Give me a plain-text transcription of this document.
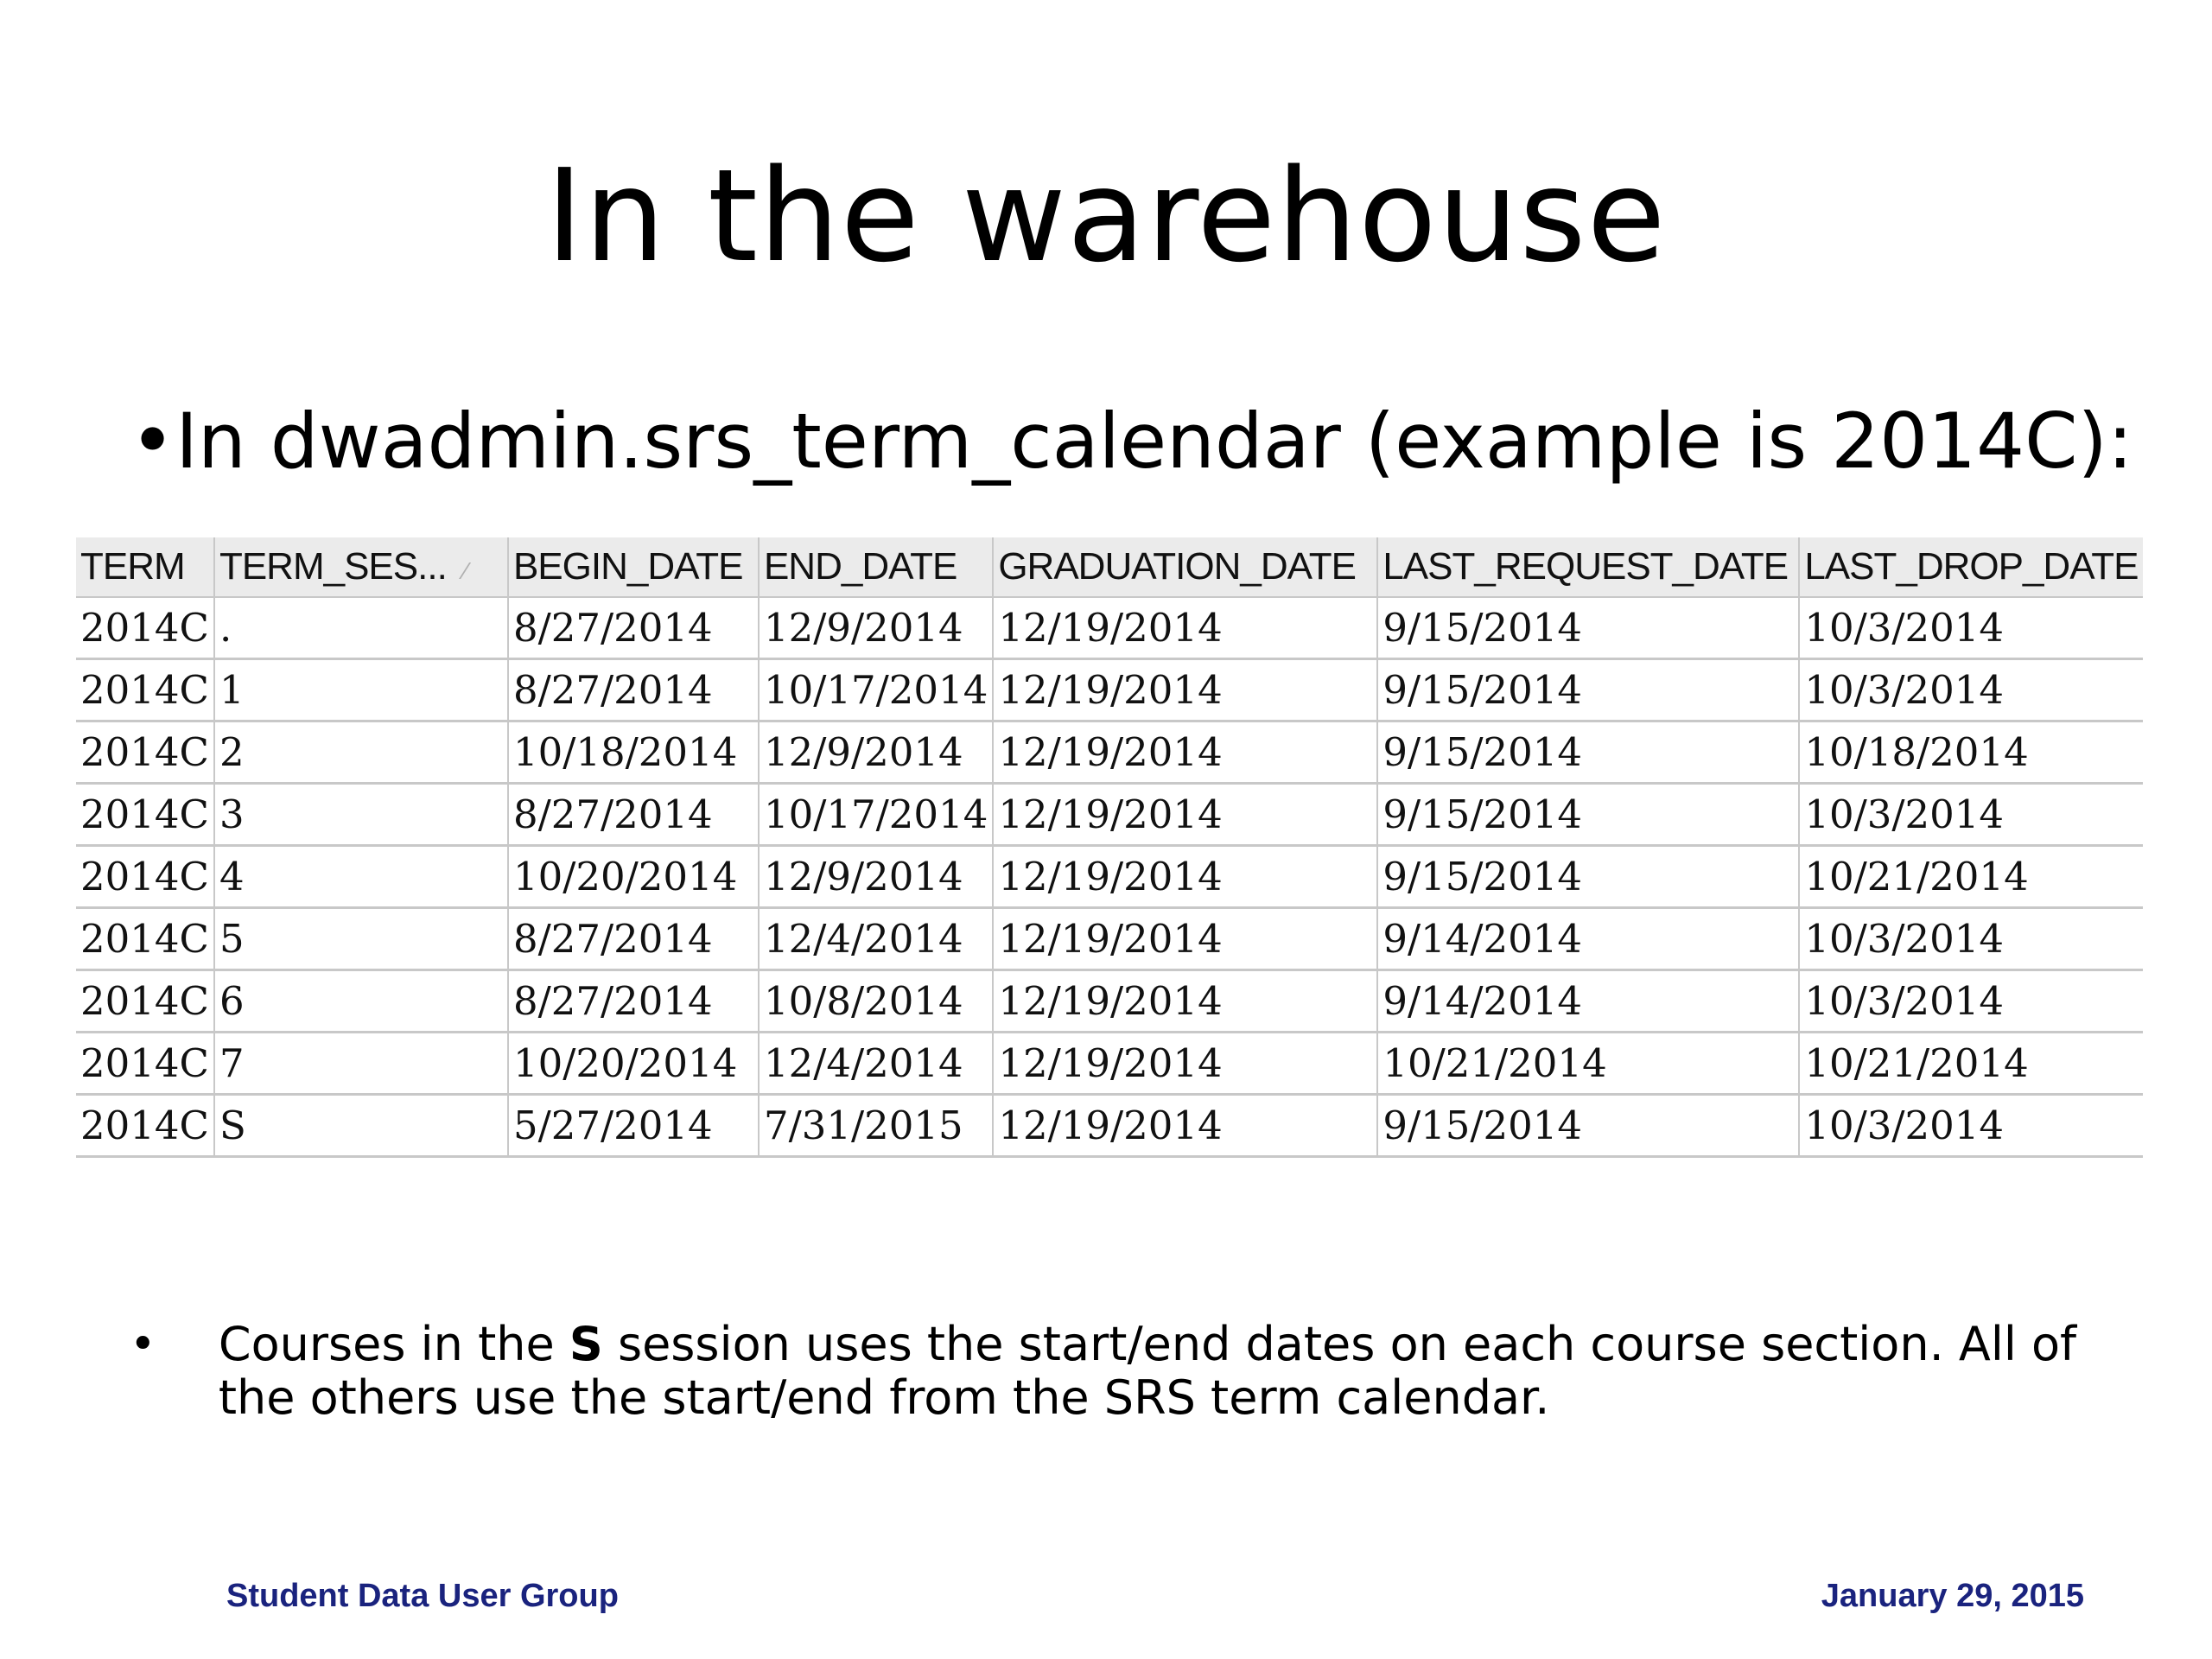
In the warehouse
• In dwadmin.srs_term_calendar (example is 2014C):
TERM	TERM_SES... ⁄	BEGIN_DATE	END_DATE	GRADUATION_DATE	LAST_REQUEST_DATE	LAST_DROP_DATE
2014C	.	8/27/2014	12/9/2014	12/19/2014	9/15/2014	10/3/2014
2014C	1	8/27/2014	10/17/2014	12/19/2014	9/15/2014	10/3/2014
2014C	2	10/18/2014	12/9/2014	12/19/2014	9/15/2014	10/18/2014
2014C	3	8/27/2014	10/17/2014	12/19/2014	9/15/2014	10/3/2014
2014C	4	10/20/2014	12/9/2014	12/19/2014	9/15/2014	10/21/2014
2014C	5	8/27/2014	12/4/2014	12/19/2014	9/14/2014	10/3/2014
2014C	6	8/27/2014	10/8/2014	12/19/2014	9/14/2014	10/3/2014
2014C	7	10/20/2014	12/4/2014	12/19/2014	10/21/2014	10/21/2014
2014C	S	5/27/2014	7/31/2015	12/19/2014	9/15/2014	10/3/2014
•	Courses in the S session uses the start/end dates on each course section. All of the others use the start/end from the SRS term calendar.
Student Data User Group	January 29, 2015
